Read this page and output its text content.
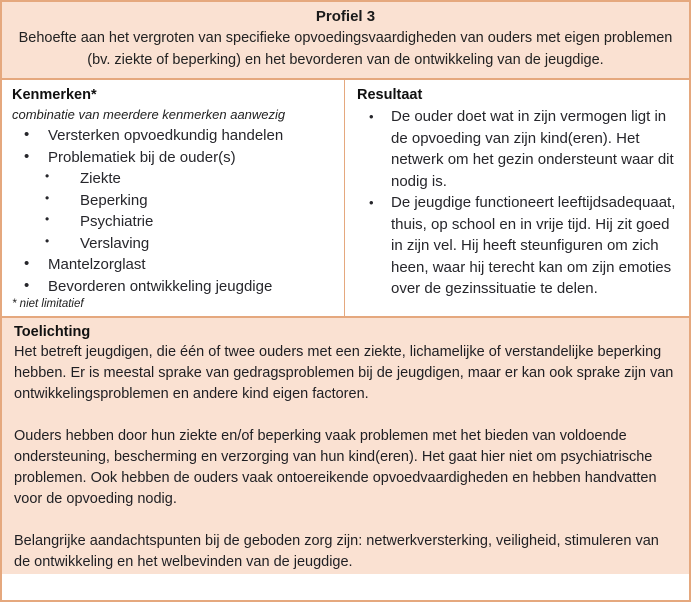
Profiel 3
Behoefte aan het vergroten van specifieke opvoedingsvaardigheden van ouders met eigen problemen (bv. ziekte of beperking) en het bevorderen van de ontwikkeling van de jeugdige.
Kenmerken*
combinatie van meerdere kenmerken aanwezig
• Versterken opvoedkundig handelen
• Problematiek bij de ouder(s)
• Ziekte
• Beperking
• Psychiatrie
• Verslaving
• Mantelzorglast
• Bevorderen ontwikkeling jeugdige
* niet limitatief
Resultaat
• De ouder doet wat in zijn vermogen ligt in de opvoeding van zijn kind(eren). Het netwerk om het gezin ondersteunt waar dit nodig is.
• De jeugdige functioneert leeftijdsadequaat, thuis, op school en in vrije tijd. Hij zit goed in zijn vel. Hij heeft steunfiguren om zich heen, waar hij terecht kan om zijn emoties over de gezinssituatie te delen.
Toelichting

Het betreft jeugdigen, die één of twee ouders met een ziekte, lichamelijke of verstandelijke beperking hebben. Er is meestal sprake van gedragsproblemen bij de jeugdigen, maar er kan ook sprake zijn van ontwikkelingsproblemen en andere kind eigen factoren.

Ouders hebben door hun ziekte en/of beperking vaak problemen met het bieden van voldoende ondersteuning, bescherming en verzorging van hun kind(eren). Het gaat hier niet om psychiatrische problemen. Ook hebben de ouders vaak ontoereikende opvoedvaardigheden en hebben handvatten voor de opvoeding nodig.

Belangrijke aandachtspunten bij de geboden zorg zijn: netwerkversterking, veiligheid, stimuleren van de ontwikkeling en het welbevinden van de jeugdige.
